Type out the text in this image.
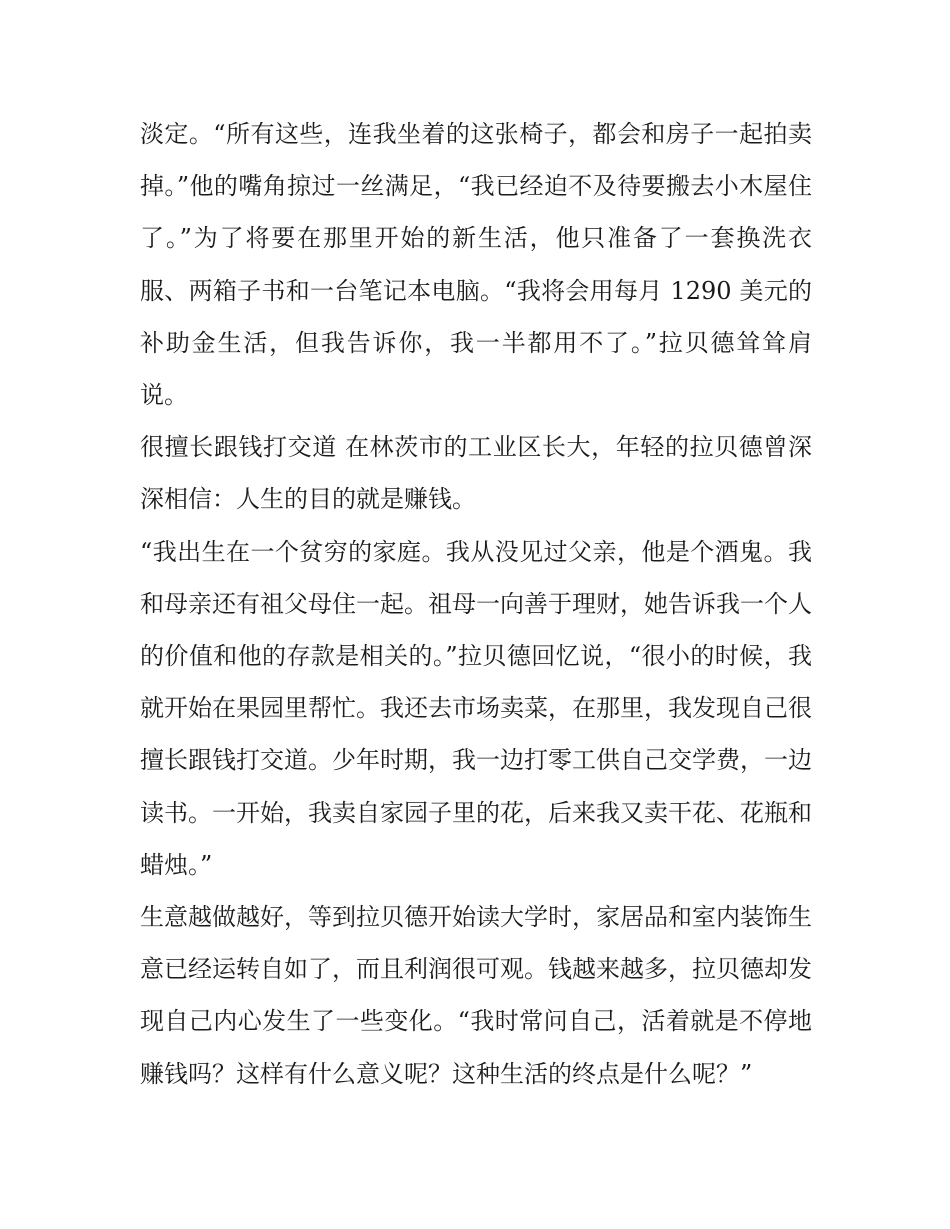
淡定。“所有这些，连我坐着的这张椅子，都会和房子一起拍卖掉。”他的嘴角掠过一丝满足，“我已经迫不及待要搬去小木屋住了。”为了将要在那里开始的新生活，他只准备了一套换洗衣服、两箱子书和一台笔记本电脑。“我将会用每月 1290 美元的补助金生活，但我告诉你，我一半都用不了。”拉贝德耸耸肩说。

很擅长跟钱打交道 在林茨市的工业区长大，年轻的拉贝德曾深深相信：人生的目的就是赚钱。

“我出生在一个贫穷的家庭。我从没见过父亲，他是个酒鬼。我和母亲还有祖父母住一起。祖母一向善于理财，她告诉我一个人的价值和他的存款是相关的。”拉贝德回忆说，“很小的时候，我就开始在果园里帮忙。我还去市场卖菜，在那里，我发现自己很擅长跟钱打交道。少年时期，我一边打零工供自己交学费，一边读书。一开始，我卖自家园子里的花，后来我又卖干花、花瓶和蜡烛。”

生意越做越好，等到拉贝德开始读大学时，家居品和室内装饰生意已经运转自如了，而且利润很可观。钱越来越多，拉贝德却发现自己内心发生了一些变化。“我时常问自己，活着就是不停地赚钱吗？这样有什么意义呢？这种生活的终点是什么呢？”
